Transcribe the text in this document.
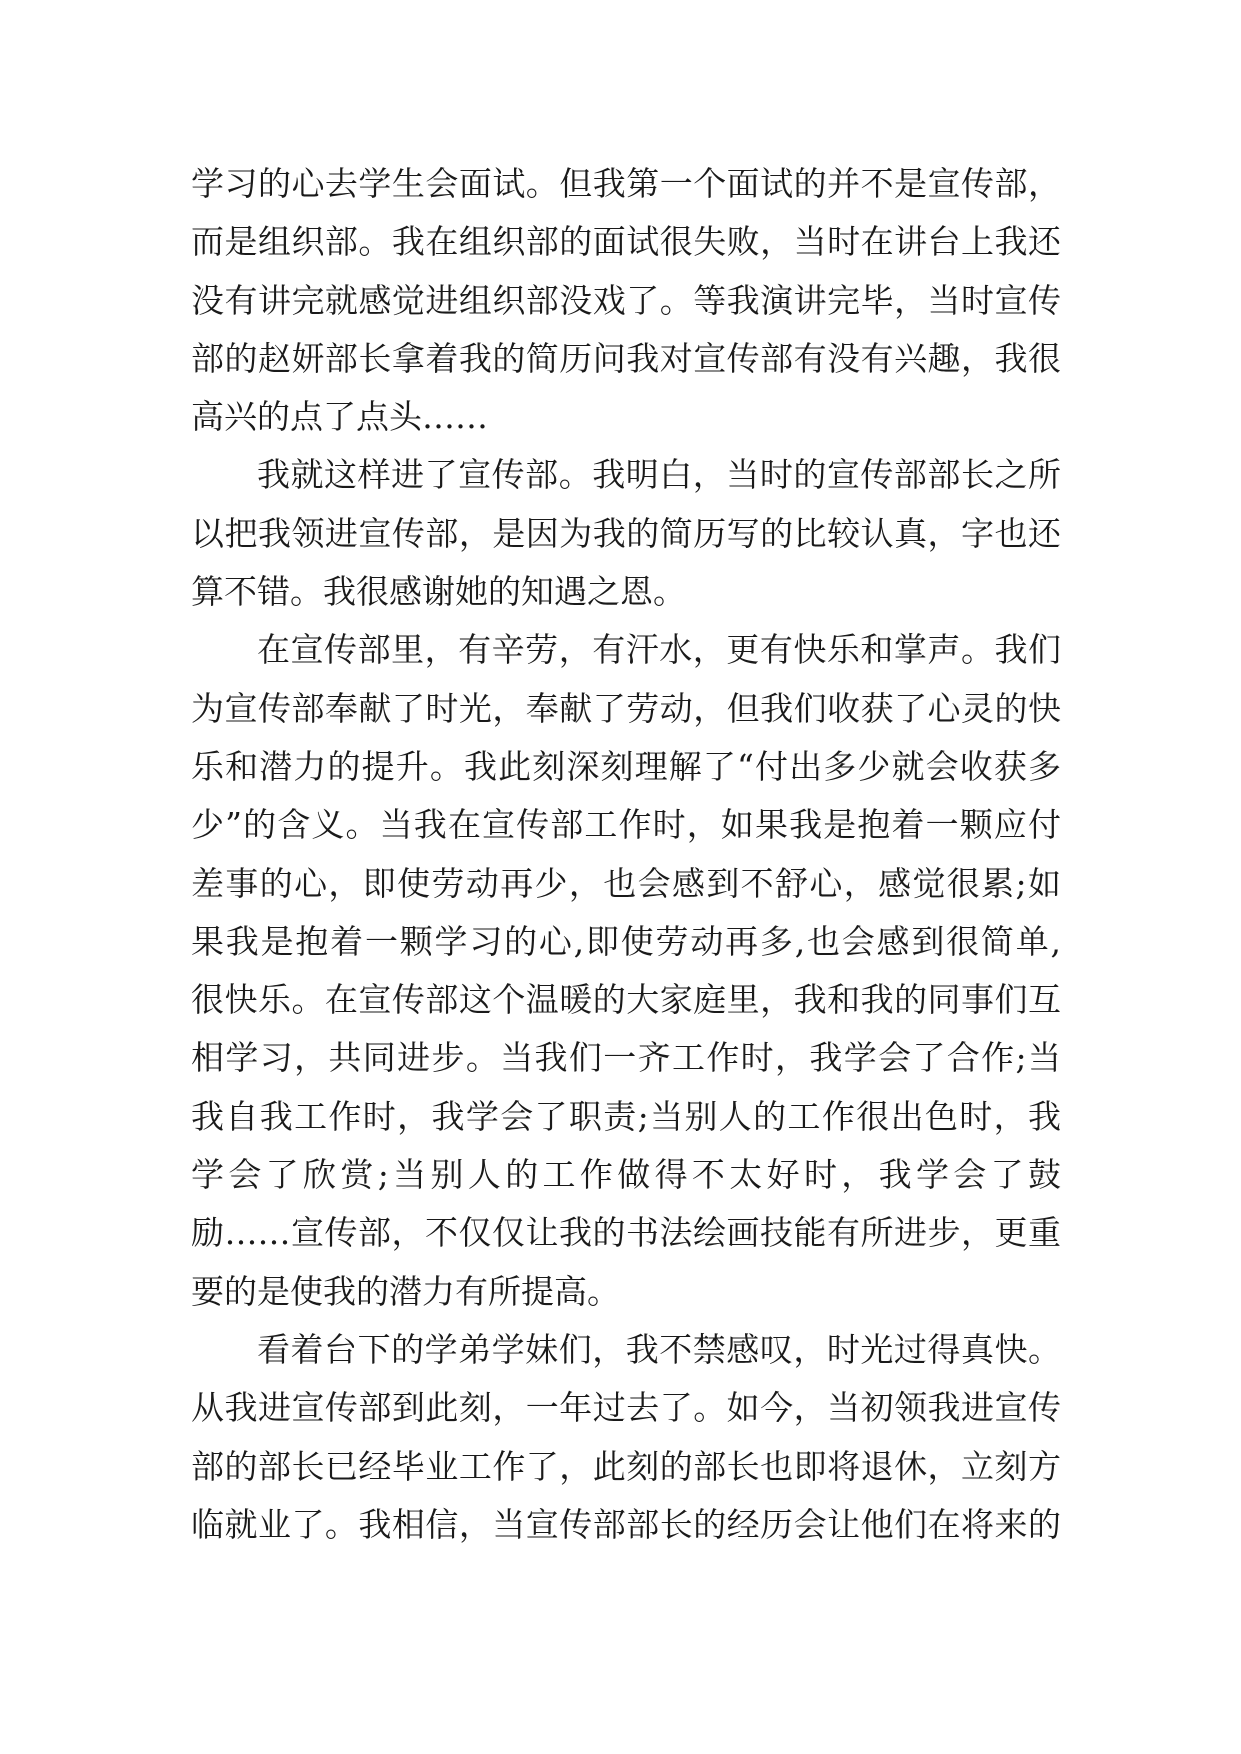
学习的心去学生会面试。但我第一个面试的并不是宣传部，
而是组织部。我在组织部的面试很失败，当时在讲台上我还
没有讲完就感觉进组织部没戏了。等我演讲完毕，当时宣传
部的赵妍部长拿着我的简历问我对宣传部有没有兴趣，我很
高兴的点了点头……
我就这样进了宣传部。我明白，当时的宣传部部长之所
以把我领进宣传部，是因为我的简历写的比较认真，字也还
算不错。我很感谢她的知遇之恩。
在宣传部里，有辛劳，有汗水，更有快乐和掌声。我们
为宣传部奉献了时光，奉献了劳动，但我们收获了心灵的快
乐和潜力的提升。我此刻深刻理解了“付出多少就会收获多
少”的含义。当我在宣传部工作时，如果我是抱着一颗应付
差事的心，即使劳动再少，也会感到不舒心，感觉很累;如
果我是抱着一颗学习的心,即使劳动再多,也会感到很简单,
很快乐。在宣传部这个温暖的大家庭里，我和我的同事们互
相学习，共同进步。当我们一齐工作时，我学会了合作;当
我自我工作时，我学会了职责;当别人的工作很出色时，我
学会了欣赏;当别人的工作做得不太好时，我学会了鼓
励……宣传部，不仅仅让我的书法绘画技能有所进步，更重
要的是使我的潜力有所提高。
看着台下的学弟学妹们，我不禁感叹，时光过得真快。
从我进宣传部到此刻，一年过去了。如今，当初领我进宣传
部的部长已经毕业工作了，此刻的部长也即将退休，立刻方
临就业了。我相信，当宣传部部长的经历会让他们在将来的
